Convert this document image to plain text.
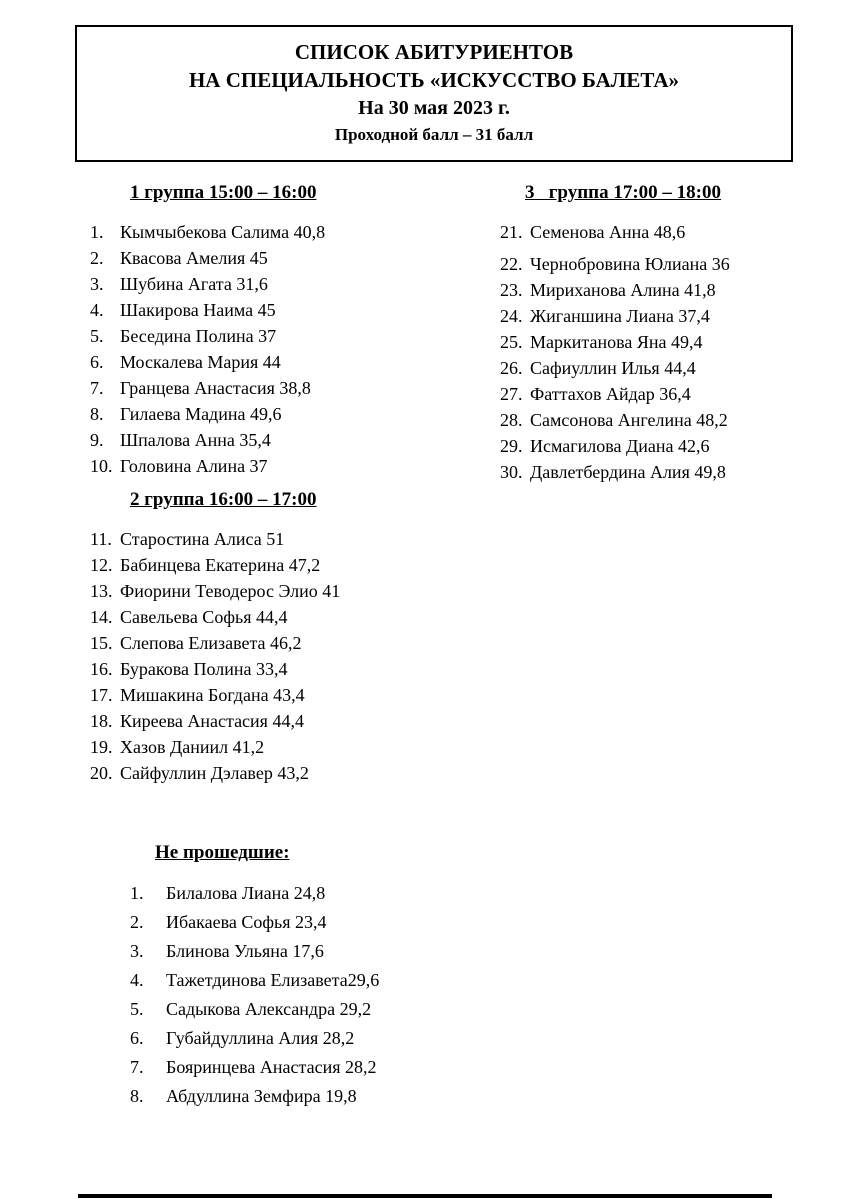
СПИСОК АБИТУРИЕНТОВ
НА СПЕЦИАЛЬНОСТЬ «ИСКУССТВО БАЛЕТА»
На 30 мая 2023 г.
Проходной балл – 31 балл
1 группа 15:00 – 16:00
1. Кымчыбекова Салима 40,8
2. Квасова Амелия 45
3. Шубина Агата 31,6
4. Шакирова Наима 45
5. Беседина Полина 37
6. Москалева Мария 44
7. Гранцева Анастасия 38,8
8. Гилаева Мадина 49,6
9. Шпалова Анна 35,4
10. Головина Алина 37
2 группа 16:00 – 17:00
11. Старостина Алиса 51
12. Бабинцева Екатерина 47,2
13. Фиорини Теводерос Элио 41
14. Савельева Софья 44,4
15. Слепова Елизавета 46,2
16. Буракова Полина 33,4
17. Мишакина Богдана 43,4
18. Киреева Анастасия 44,4
19. Хазов Даниил 41,2
20. Сайфуллин Дэлавер 43,2
3   группа 17:00 – 18:00
21. Семенова Анна 48,6
22. Чернобровина Юлиана 36
23. Мириханова Алина 41,8
24. Жиганшина Лиана 37,4
25. Маркитанова Яна 49,4
26. Сафиуллин Илья 44,4
27. Фаттахов Айдар 36,4
28. Самсонова Ангелина 48,2
29. Исмагилова Диана 42,6
30. Давлетбердина Алия 49,8
Не прошедшие:
1. Билалова Лиана 24,8
2. Ибакаева Софья 23,4
3. Блинова Ульяна 17,6
4. Тажетдинова Елизавета29,6
5. Садыкова Александра 29,2
6. Губайдуллина Алия 28,2
7. Бояринцева Анастасия 28,2
8. Абдуллина Земфира 19,8
